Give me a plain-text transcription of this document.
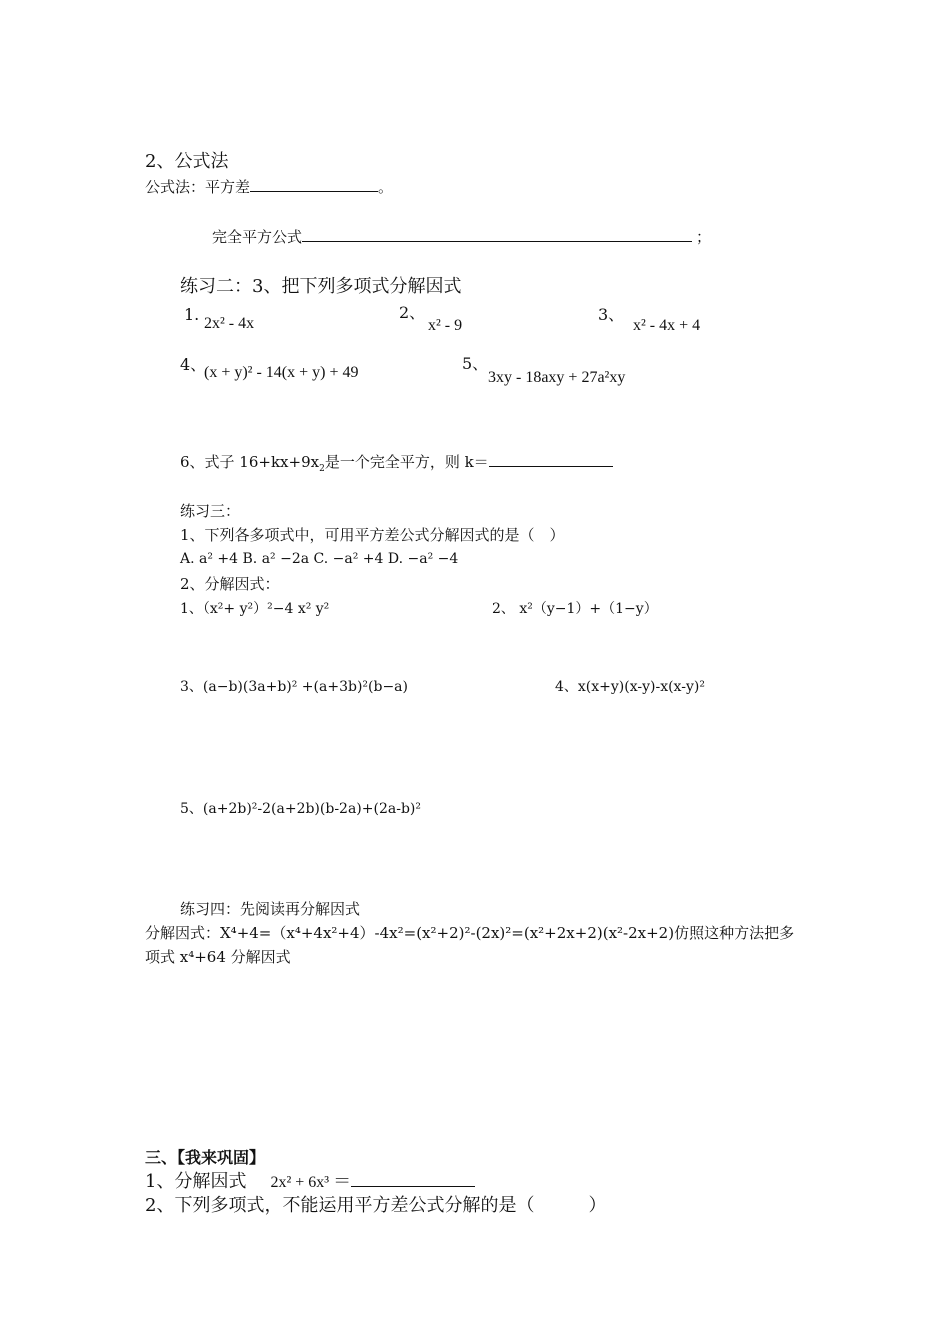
2、公式法
公式法：平方差	。
完全平方公式	；
练习二：3、把下列多项式分解因式
1. 2x² - 4x
2、
x² - 9
3、
x² - 4x + 4
4、
(x + y)² - 14(x + y) + 49	5、
3xy - 18axy + 27a²xy
6、式子 $16+kx+9x_2$是一个完全平方，则 k＝
练习三：
1、下列各多项式中，可用平方差公式分解因式的是（　）
A. a² +4 B. a² −2a C. −a² +4 D. −a² −4
2、分解因式：
1、（x²+ y²）²−4 x² y²	2、 x²（y−1）+（1−y）
3、(a−b)(3a+b)² +(a+3b)²(b−a)	4、x(x+y)(x-y)-x(x-y)²
5、(a+2b)²-2(a+2b)(b-2a)+(2a-b)²
练习四：先阅读再分解因式
分解因式：X⁴+4=（x⁴+4x²+4）-4x²=(x²+2)²-(2x)²=(x²+2x+2)(x²-2x+2)仿照这种方法把多
项式 x⁴+64 分解因式
三、【我来巩固】
1、分解因式 2x² + 6x³ ＝
2、下列多项式，不能运用平方差公式分解的是（　　　）
